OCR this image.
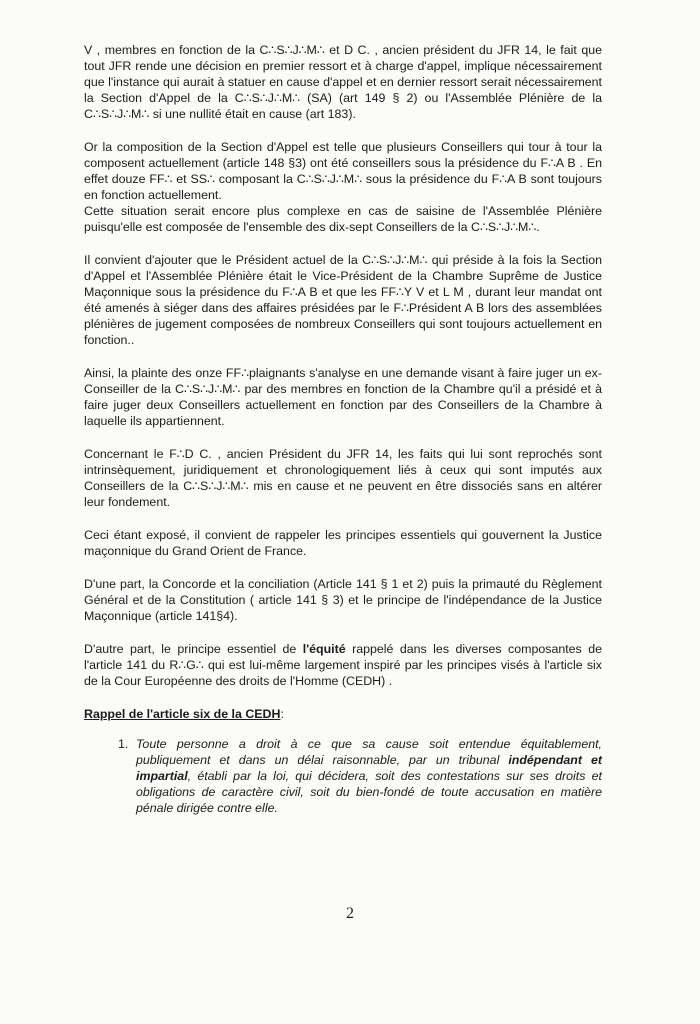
V , membres en fonction de la C∴S∴J∴M∴ et D C. , ancien président du JFR 14, le fait que tout JFR rende une décision en premier ressort et à charge d'appel, implique nécessairement que l'instance qui aurait à statuer en cause d'appel et en dernier ressort serait nécessairement la Section d'Appel de la C∴S∴J∴M∴ (SA) (art 149 § 2) ou l'Assemblée Plénière de la C∴S∴J∴M∴ si une nullité était en cause (art 183).

Or la composition de la Section d'Appel est telle que plusieurs Conseillers qui tour à tour la composent actuellement (article 148 §3) ont été conseillers sous la présidence du F∴A B . En effet douze FF∴ et SS∴ composant la C∴S∴J∴M∴ sous la présidence du F∴A B sont toujours en fonction actuellement.

Cette situation serait encore plus complexe en cas de saisine de l'Assemblée Plénière puisqu'elle est composée de l'ensemble des dix-sept Conseillers de la C∴S∴J∴M∴.

Il convient d'ajouter que le Président actuel de la C∴S∴J∴M∴ qui préside à la fois la Section d'Appel et l'Assemblée Plénière était le Vice-Président de la Chambre Suprême de Justice Maçonnique sous la présidence du F∴A B et que les FF∴Y V et L M , durant leur mandat ont été amenés à siéger dans des affaires présidées par le F∴Président A B lors des assemblées plénières de jugement composées de nombreux Conseillers qui sont toujours actuellement en fonction..

Ainsi, la plainte des onze FF∴plaignants s'analyse en une demande visant à faire juger un ex-Conseiller de la C∴S∴J∴M∴ par des membres en fonction de la Chambre qu'il a présidé et à faire juger deux Conseillers actuellement en fonction par des Conseillers de la Chambre à laquelle ils appartiennent.

Concernant le F∴D C. , ancien Président du JFR 14, les faits qui lui sont reprochés sont intrinsèquement, juridiquement et chronologiquement liés à ceux qui sont imputés aux Conseillers de la C∴S∴J∴M∴ mis en cause et ne peuvent en être dissociés sans en altérer leur fondement.

Ceci étant exposé, il convient de rappeler les principes essentiels qui gouvernent la Justice maçonnique du Grand Orient de France.

D'une part, la Concorde et la conciliation (Article 141 § 1 et 2) puis la primauté du Règlement Général et de la Constitution ( article 141 § 3) et le principe de l'indépendance de la Justice Maçonnique (article 141§4).

D'autre part, le principe essentiel de l'équité rappelé dans les diverses composantes de l'article 141 du R∴G∴ qui est lui-même largement inspiré par les principes visés à l'article six de la Cour Européenne des droits de l'Homme (CEDH) .

Rappel de l'article six de la CEDH:

1. Toute personne a droit à ce que sa cause soit entendue équitablement, publiquement et dans un délai raisonnable, par un tribunal indépendant et impartial, établi par la loi, qui décidera, soit des contestations sur ses droits et obligations de caractère civil, soit du bien-fondé de toute accusation en matière pénale dirigée contre elle.

2
